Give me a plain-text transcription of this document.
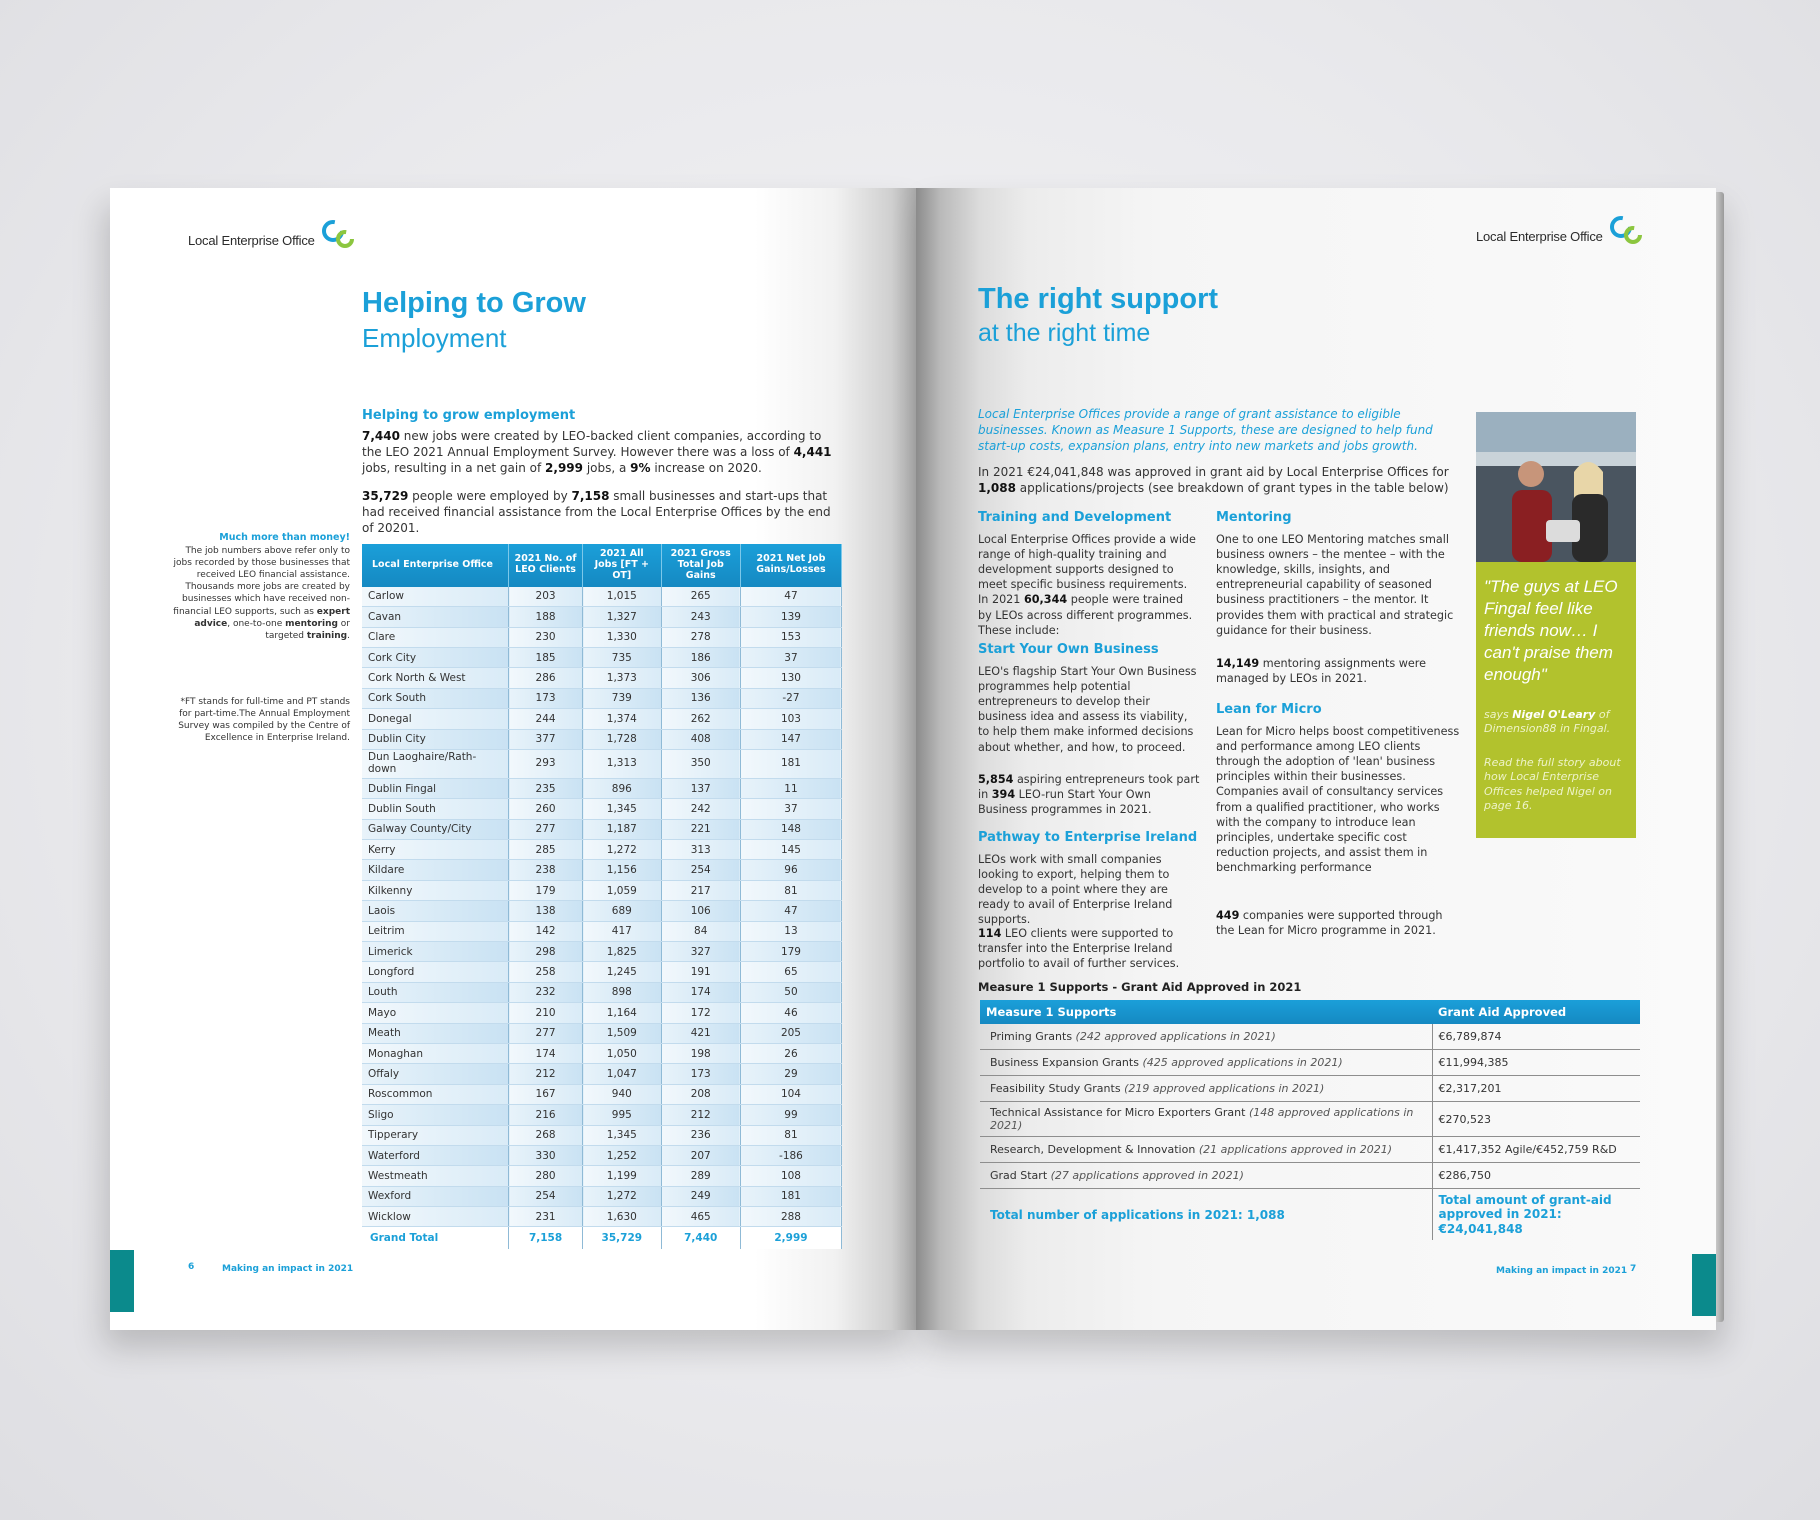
Local Enterprise Office
Helping to Grow
Employment
Helping to grow employment
7,440 new jobs were created by LEO-backed client companies, according to the LEO 2021 Annual Employment Survey. However there was a loss of 4,441 jobs, resulting in a net gain of 2,999 jobs, a 9% increase on 2020.
35,729 people were employed by 7,158 small businesses and start-ups that had received financial assistance from the Local Enterprise Offices by the end of 20201.
Much more than money!
The job numbers above refer only to jobs recorded by those businesses that received LEO financial assistance. Thousands more jobs are created by businesses which have received non-financial LEO supports, such as expert advice, one-to-one mentoring or targeted training.
*FT stands for full-time and PT stands for part-time.The Annual Employment Survey was compiled by the Centre of Excellence in Enterprise Ireland.
Local Enterprise Office	2021 No. of LEO Clients	2021 All Jobs [FT + OT]	2021 Gross Total Job Gains	2021 Net Job Gains/Losses
Carlow	203	1,015	265	47
Cavan	188	1,327	243	139
Clare	230	1,330	278	153
Cork City	185	735	186	37
Cork North & West	286	1,373	306	130
Cork South	173	739	136	-27
Donegal	244	1,374	262	103
Dublin City	377	1,728	408	147
Dun Laoghaire/Rath-down	293	1,313	350	181
Dublin Fingal	235	896	137	11
Dublin South	260	1,345	242	37
Galway County/City	277	1,187	221	148
Kerry	285	1,272	313	145
Kildare	238	1,156	254	96
Kilkenny	179	1,059	217	81
Laois	138	689	106	47
Leitrim	142	417	84	13
Limerick	298	1,825	327	179
Longford	258	1,245	191	65
Louth	232	898	174	50
Mayo	210	1,164	172	46
Meath	277	1,509	421	205
Monaghan	174	1,050	198	26
Offaly	212	1,047	173	29
Roscommon	167	940	208	104
Sligo	216	995	212	99
Tipperary	268	1,345	236	81
Waterford	330	1,252	207	-186
Westmeath	280	1,199	289	108
Wexford	254	1,272	249	181
Wicklow	231	1,630	465	288
Grand Total	7,158	35,729	7,440	2,999
6	Making an impact in 2021
Local Enterprise Office
The right support
at the right time
Local Enterprise Offices provide a range of grant assistance to eligible businesses. Known as Measure 1 Supports, these are designed to help fund start-up costs, expansion plans, entry into new markets and jobs growth.
In 2021 €24,041,848 was approved in grant aid by Local Enterprise Offices for 1,088 applications/projects (see breakdown of grant types in the table below)
Training and Development
Local Enterprise Offices provide a wide range of high-quality training and development supports designed to meet specific business requirements. In 2021 60,344 people were trained by LEOs across different programmes. These include:
Start Your Own Business
LEO's flagship Start Your Own Business programmes help potential entrepreneurs to develop their business idea and assess its viability, to help them make informed decisions about whether, and how, to proceed.
5,854 aspiring entrepreneurs took part in 394 LEO-run Start Your Own Business programmes in 2021.
Pathway to Enterprise Ireland
LEOs work with small companies looking to export, helping them to develop to a point where they are ready to avail of Enterprise Ireland supports.
114 LEO clients were supported to transfer into the Enterprise Ireland portfolio to avail of further services.
Mentoring
One to one LEO Mentoring matches small business owners – the mentee – with the knowledge, skills, insights, and entrepreneurial capability of seasoned business practitioners – the mentor. It provides them with practical and strategic guidance for their business.
14,149 mentoring assignments were managed by LEOs in 2021.
Lean for Micro
Lean for Micro helps boost competitiveness and performance among LEO clients through the adoption of 'lean' business principles within their businesses. Companies avail of consultancy services from a qualified practitioner, who works with the company to introduce lean principles, undertake specific cost reduction projects, and assist them in benchmarking performance
449 companies were supported through the Lean for Micro programme in 2021.
"The guys at LEO Fingal feel like friends now… I can't praise them enough"
says Nigel O'Leary of Dimension88 in Fingal.
Read the full story about how Local Enterprise Offices helped Nigel on page 16.
Measure 1 Supports - Grant Aid Approved in 2021
Measure 1 Supports	Grant Aid Approved
Priming Grants (242 approved applications in 2021)	€6,789,874
Business Expansion Grants (425 approved applications in 2021)	€11,994,385
Feasibility Study Grants (219 approved applications in 2021)	€2,317,201
Technical Assistance for Micro Exporters Grant (148 approved applications in 2021)	€270,523
Research, Development & Innovation (21 applications approved in 2021)	€1,417,352 Agile/€452,759 R&D
Grad Start (27 applications approved in 2021)	€286,750
Total number of applications in 2021: 1,088	Total amount of grant-aid approved in 2021: €24,041,848
Making an impact in 2021 7
